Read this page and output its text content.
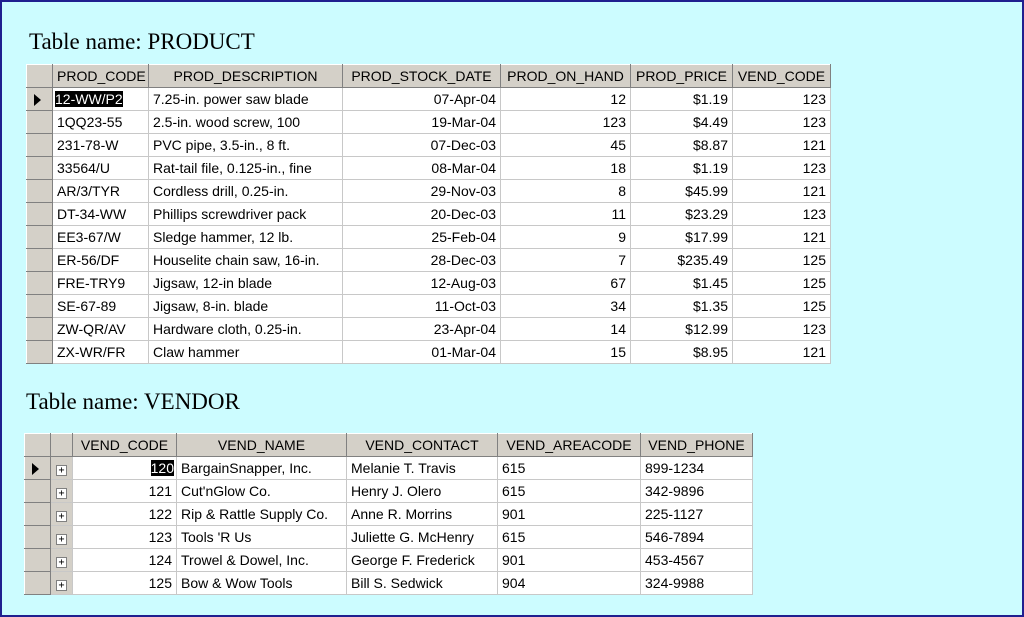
Table name: PRODUCT
	PROD_CODE	PROD_DESCRIPTION	PROD_STOCK_DATE	PROD_ON_HAND	PROD_PRICE	VEND_CODE
	12-WW/P2	7.25-in. power saw blade	07-Apr-04	12	$1.19	123
	1QQ23-55	2.5-in. wood screw, 100	19-Mar-04	123	$4.49	123
	231-78-W	PVC pipe, 3.5-in., 8 ft.	07-Dec-03	45	$8.87	121
	33564/U	Rat-tail file, 0.125-in., fine	08-Mar-04	18	$1.19	123
	AR/3/TYR	Cordless drill, 0.25-in.	29-Nov-03	8	$45.99	121
	DT-34-WW	Phillips screwdriver pack	20-Dec-03	11	$23.29	123
	EE3-67/W	Sledge hammer, 12 lb.	25-Feb-04	9	$17.99	121
	ER-56/DF	Houselite chain saw, 16-in.	28-Dec-03	7	$235.49	125
	FRE-TRY9	Jigsaw, 12-in blade	12-Aug-03	67	$1.45	125
	SE-67-89	Jigsaw, 8-in. blade	11-Oct-03	34	$1.35	125
	ZW-QR/AV	Hardware cloth, 0.25-in.	23-Apr-04	14	$12.99	123
	ZX-WR/FR	Claw hammer	01-Mar-04	15	$8.95	121
Table name: VENDOR
		VEND_CODE	VEND_NAME	VEND_CONTACT	VEND_AREACODE	VEND_PHONE
	+	120	BargainSnapper, Inc.	Melanie T. Travis	615	899-1234
	+	121	Cut'nGlow Co.	Henry J. Olero	615	342-9896
	+	122	Rip & Rattle Supply Co.	Anne R. Morrins	901	225-1127
	+	123	Tools 'R Us	Juliette G. McHenry	615	546-7894
	+	124	Trowel & Dowel, Inc.	George F. Frederick	901	453-4567
	+	125	Bow & Wow Tools	Bill S. Sedwick	904	324-9988
